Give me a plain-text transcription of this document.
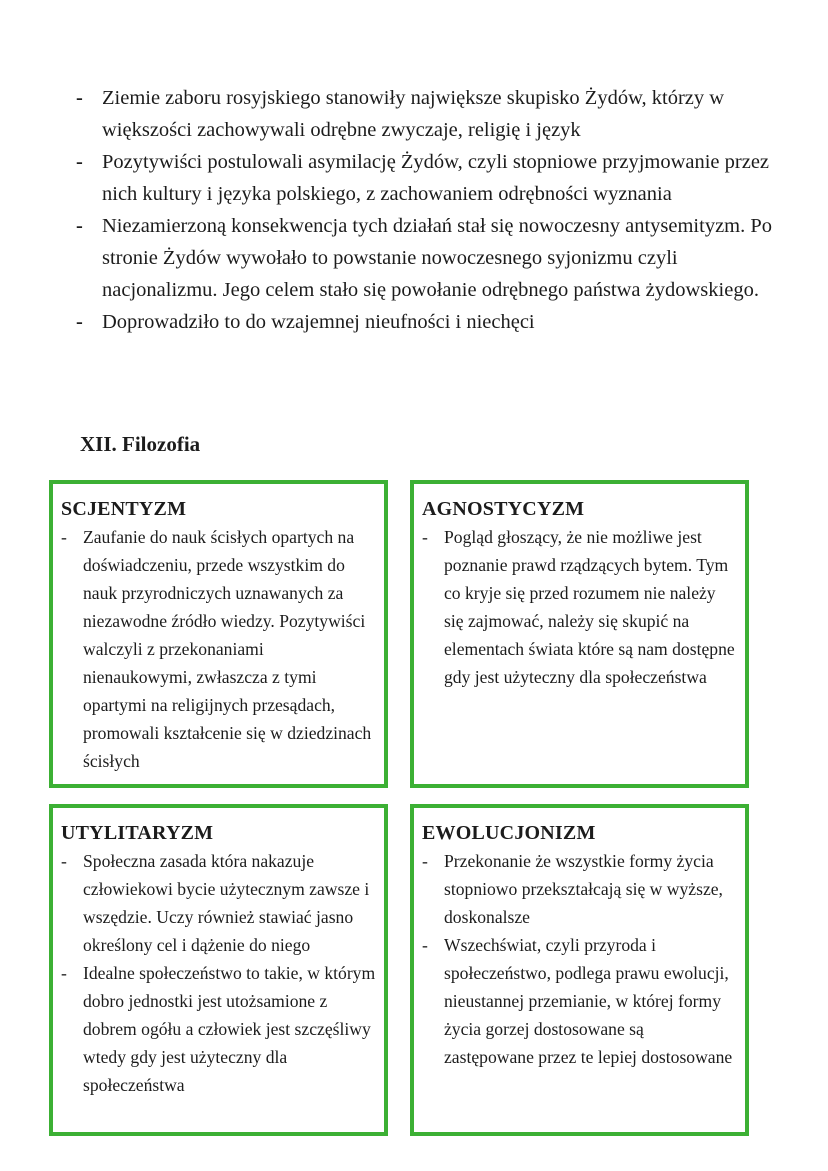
- Ziemie zaboru rosyjskiego stanowiły największe skupisko Żydów, którzy w większości zachowywali odrębne zwyczaje, religię i język
- Pozytywiści postulowali asymilację Żydów, czyli stopniowe przyjmowanie przez nich kultury i języka polskiego, z zachowaniem odrębności wyznania
- Niezamierzoną konsekwencja tych działań stał się nowoczesny antysemityzm. Po stronie Żydów wywołało to powstanie nowoczesnego syjonizmu czyli nacjonalizmu. Jego celem stało się powołanie odrębnego państwa żydowskiego.
- Doprowadziło to do wzajemnej nieufności i niechęci
XII. Filozofia
SCJENTYZM
- Zaufanie do nauk ścisłych opartych na doświadczeniu, przede wszystkim do nauk przyrodniczych uznawanych za niezawodne źródło wiedzy. Pozytywiści walczyli z przekonaniami nienaukowymi, zwłaszcza z tymi opartymi na religijnych przesądach, promowali kształcenie się w dziedzinach ścisłych
AGNOSTYCYZM
- Pogląd głoszący, że nie możliwe jest poznanie prawd rządzących bytem. Tym co kryje się przed rozumem nie należy się zajmować, należy się skupić na elementach świata które są nam dostępne gdy jest użyteczny dla społeczeństwa
UTYLITARYZM
- Społeczna zasada która nakazuje człowiekowi bycie użytecznym zawsze i wszędzie. Uczy również stawiać jasno określony cel i dążenie do niego
- Idealne społeczeństwo to takie, w którym dobro jednostki jest utożsamione z dobrem ogółu a człowiek jest szczęśliwy wtedy gdy jest użyteczny dla społeczeństwa
EWOLUCJONIZM
- Przekonanie że wszystkie formy życia stopniowo przekształcają się w wyższe, doskonalsze
- Wszechświat, czyli przyroda i społeczeństwo, podlega prawu ewolucji, nieustannej przemianie, w której formy życia gorzej dostosowane są zastępowane przez te lepiej dostosowane
